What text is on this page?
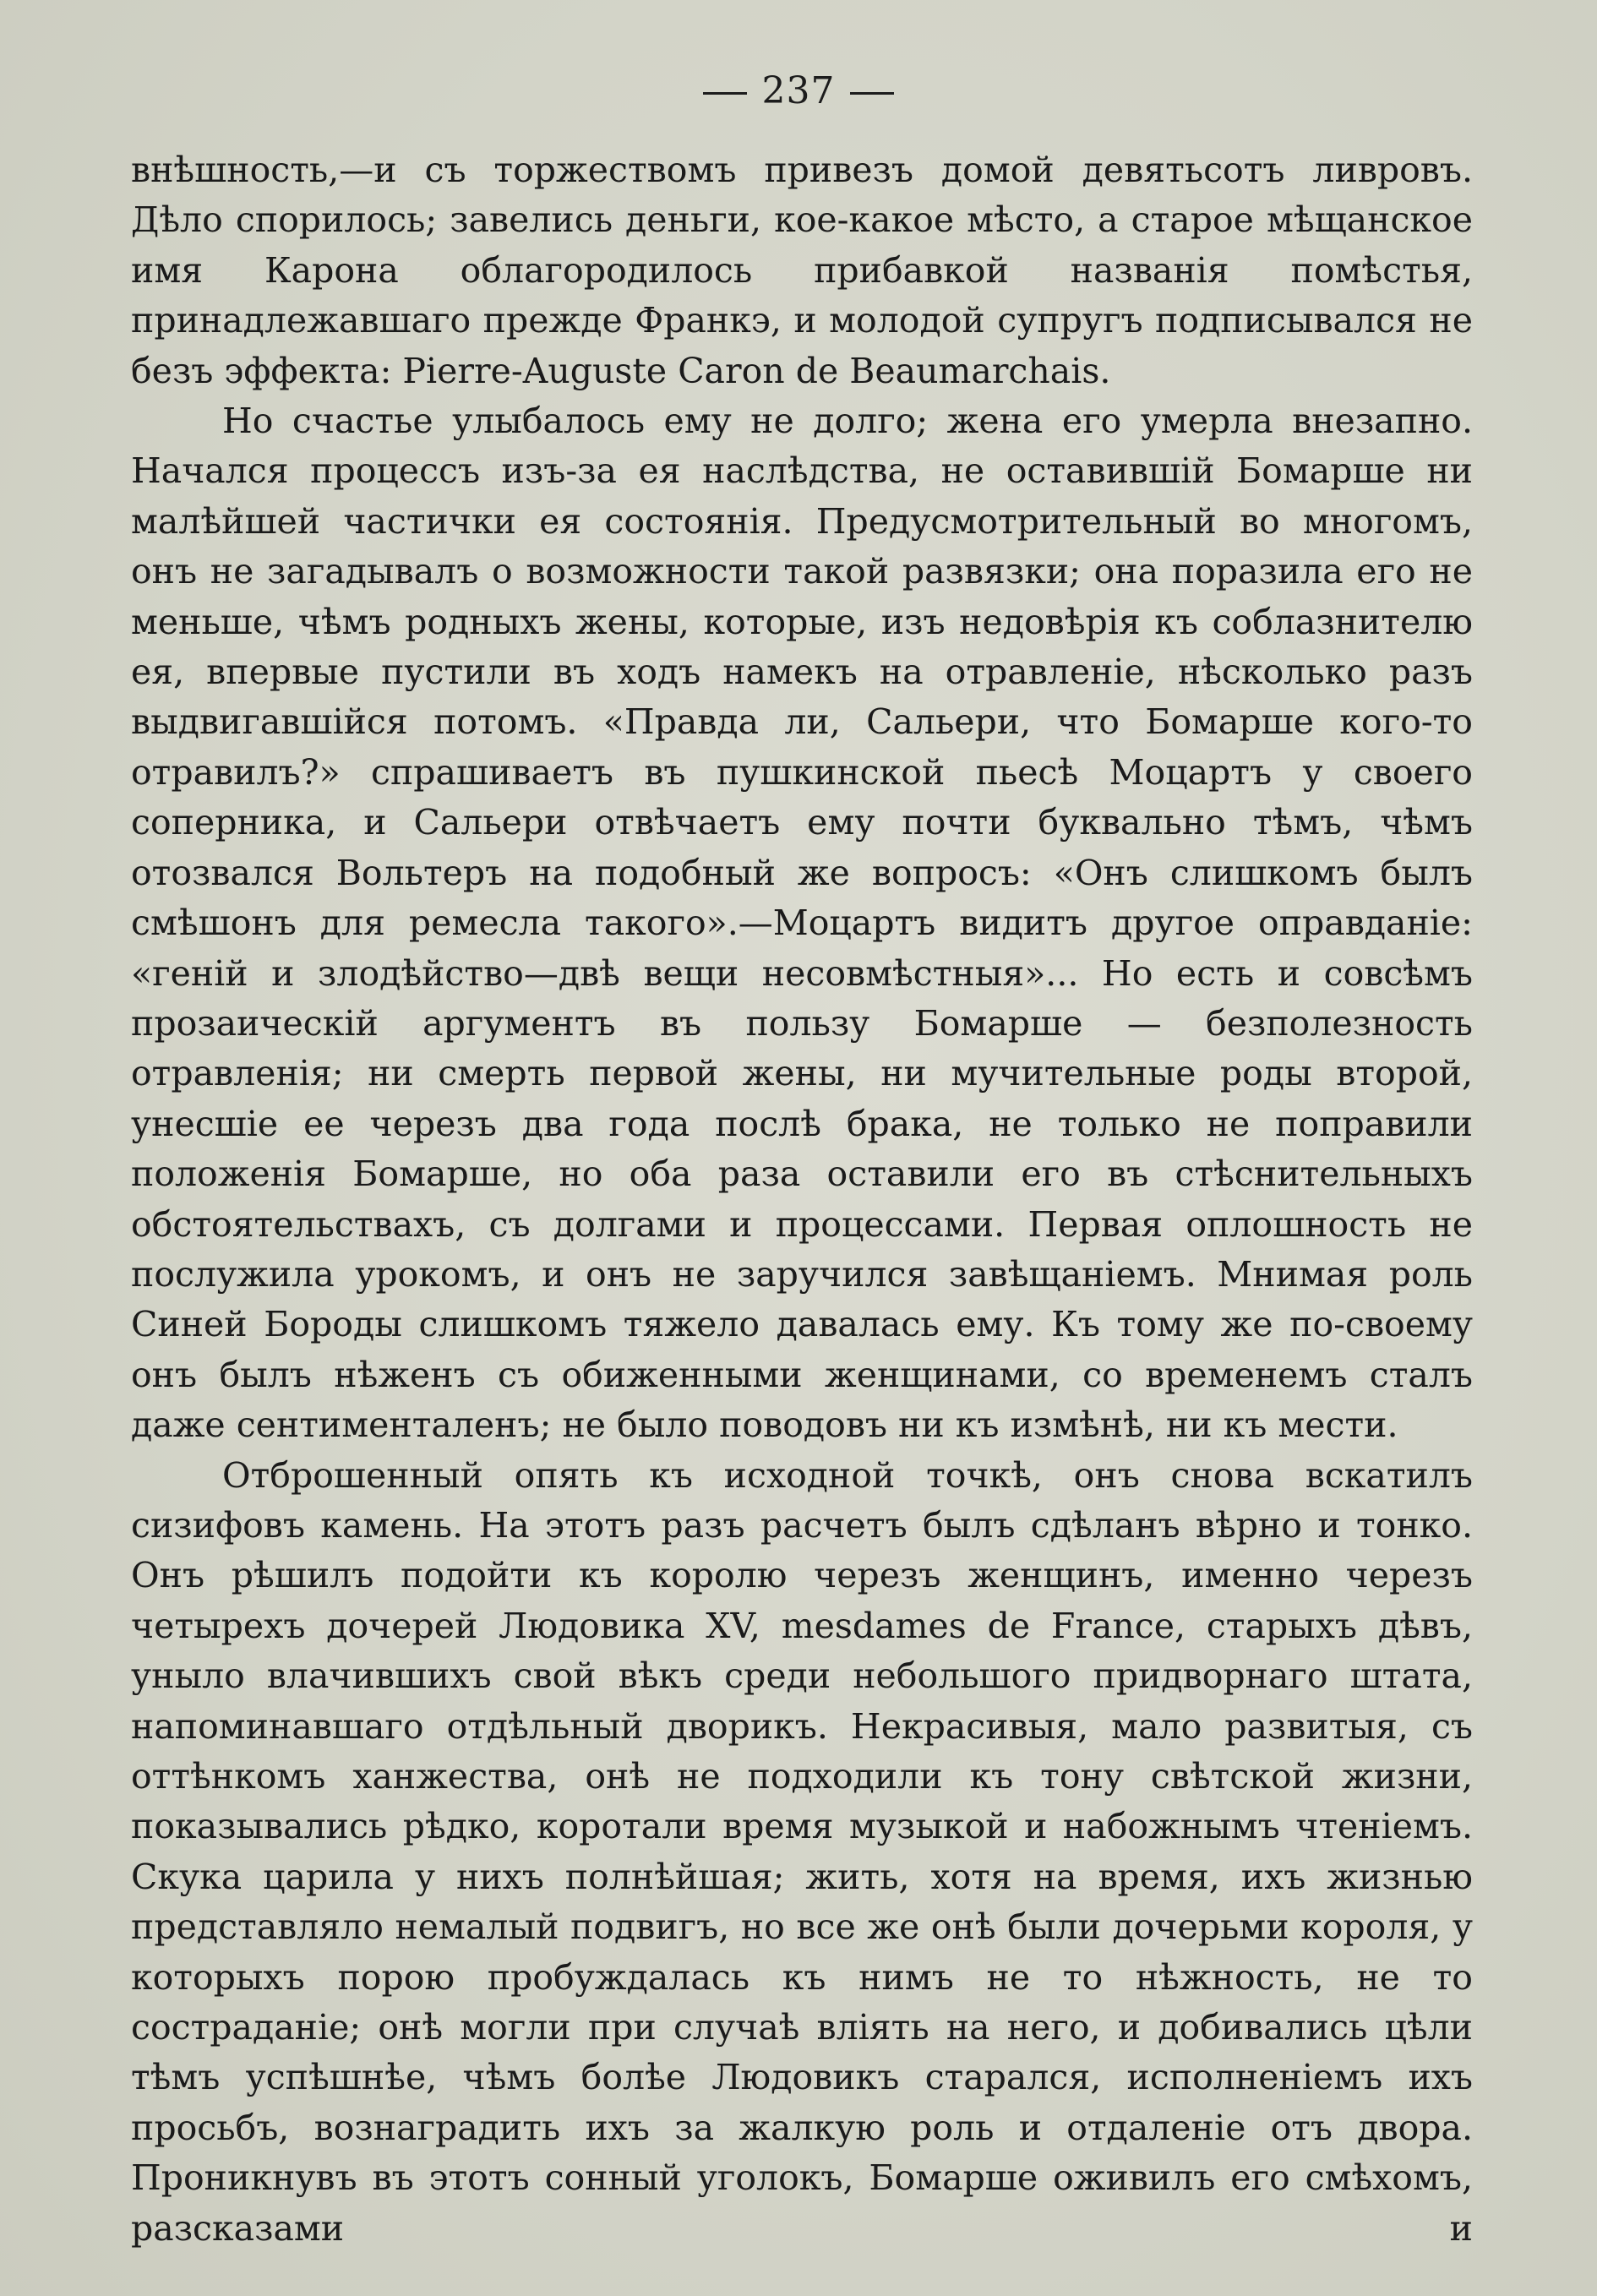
237

внѣшность,—и съ торжествомъ привезъ домой девятьсотъ ливровъ. Дѣло спорилось; завелись деньги, кое-какое мѣсто, а старое мѣщанское имя Карона облагородилось прибавкой названія помѣстья, принадлежавшаго прежде Франкэ, и молодой супругъ подписывался не безъ эффекта: Pierre-Auguste Caron de Beaumarchais.

Но счастье улыбалось ему не долго; жена его умерла внезапно. Начался процессъ изъ-за ея наслѣдства, не оставившій Бомарше ни малѣйшей частички ея состоянія. Предусмотрительный во многомъ, онъ не загадывалъ о возможности такой развязки; она поразила его не меньше, чѣмъ родныхъ жены, которые, изъ недовѣрія къ соблазнителю ея, впервые пустили въ ходъ намекъ на отравленіе, нѣсколько разъ выдвигавшійся потомъ. «Правда ли, Сальери, что Бомарше кого-то отравилъ?» спрашиваетъ въ пушкинской пьесѣ Моцартъ у своего соперника, и Сальери отвѣчаетъ ему почти буквально тѣмъ, чѣмъ отозвался Вольтеръ на подобный же вопросъ: «Онъ слишкомъ былъ смѣшонъ для ремесла такого».—Моцартъ видитъ другое оправданіе: «геній и злодѣйство—двѣ вещи несовмѣстныя»... Но есть и совсѣмъ прозаическій аргументъ въ пользу Бомарше — безполезность отравленія; ни смерть первой жены, ни мучительные роды второй, унесшіе ее черезъ два года послѣ брака, не только не поправили положенія Бомарше, но оба раза оставили его въ стѣснительныхъ обстоятельствахъ, съ долгами и процессами. Первая оплошность не послужила урокомъ, и онъ не заручился завѣщаніемъ. Мнимая роль Синей Бороды слишкомъ тяжело давалась ему. Къ тому же по-своему онъ былъ нѣженъ съ обиженными женщинами, со временемъ сталъ даже сентименталенъ; не было поводовъ ни къ измѣнѣ, ни къ мести.

Отброшенный опять къ исходной точкѣ, онъ снова вскатилъ сизифовъ камень. На этотъ разъ расчетъ былъ сдѣланъ вѣрно и тонко. Онъ рѣшилъ подойти къ королю черезъ женщинъ, именно черезъ четырехъ дочерей Людовика XV, mesdames de France, старыхъ дѣвъ, уныло влачившихъ свой вѣкъ среди небольшого придворнаго штата, напоминавшаго отдѣльный дворикъ. Некрасивыя, мало развитыя, съ оттѣнкомъ ханжества, онѣ не подходили къ тону свѣтской жизни, показывались рѣдко, коротали время музыкой и набожнымъ чтеніемъ. Скука царила у нихъ полнѣйшая; жить, хотя на время, ихъ жизнью представляло немалый подвигъ, но все же онѣ были дочерьми короля, у которыхъ порою пробуждалась къ нимъ не то нѣжность, не то состраданіе; онѣ могли при случаѣ вліять на него, и добивались цѣли тѣмъ успѣшнѣе, чѣмъ болѣе Людовикъ старался, исполненіемъ ихъ просьбъ, вознаградить ихъ за жалкую роль и отдаленіе отъ двора. Проникнувъ въ этотъ сонный уголокъ, Бомарше оживилъ его смѣхомъ, разсказами и
